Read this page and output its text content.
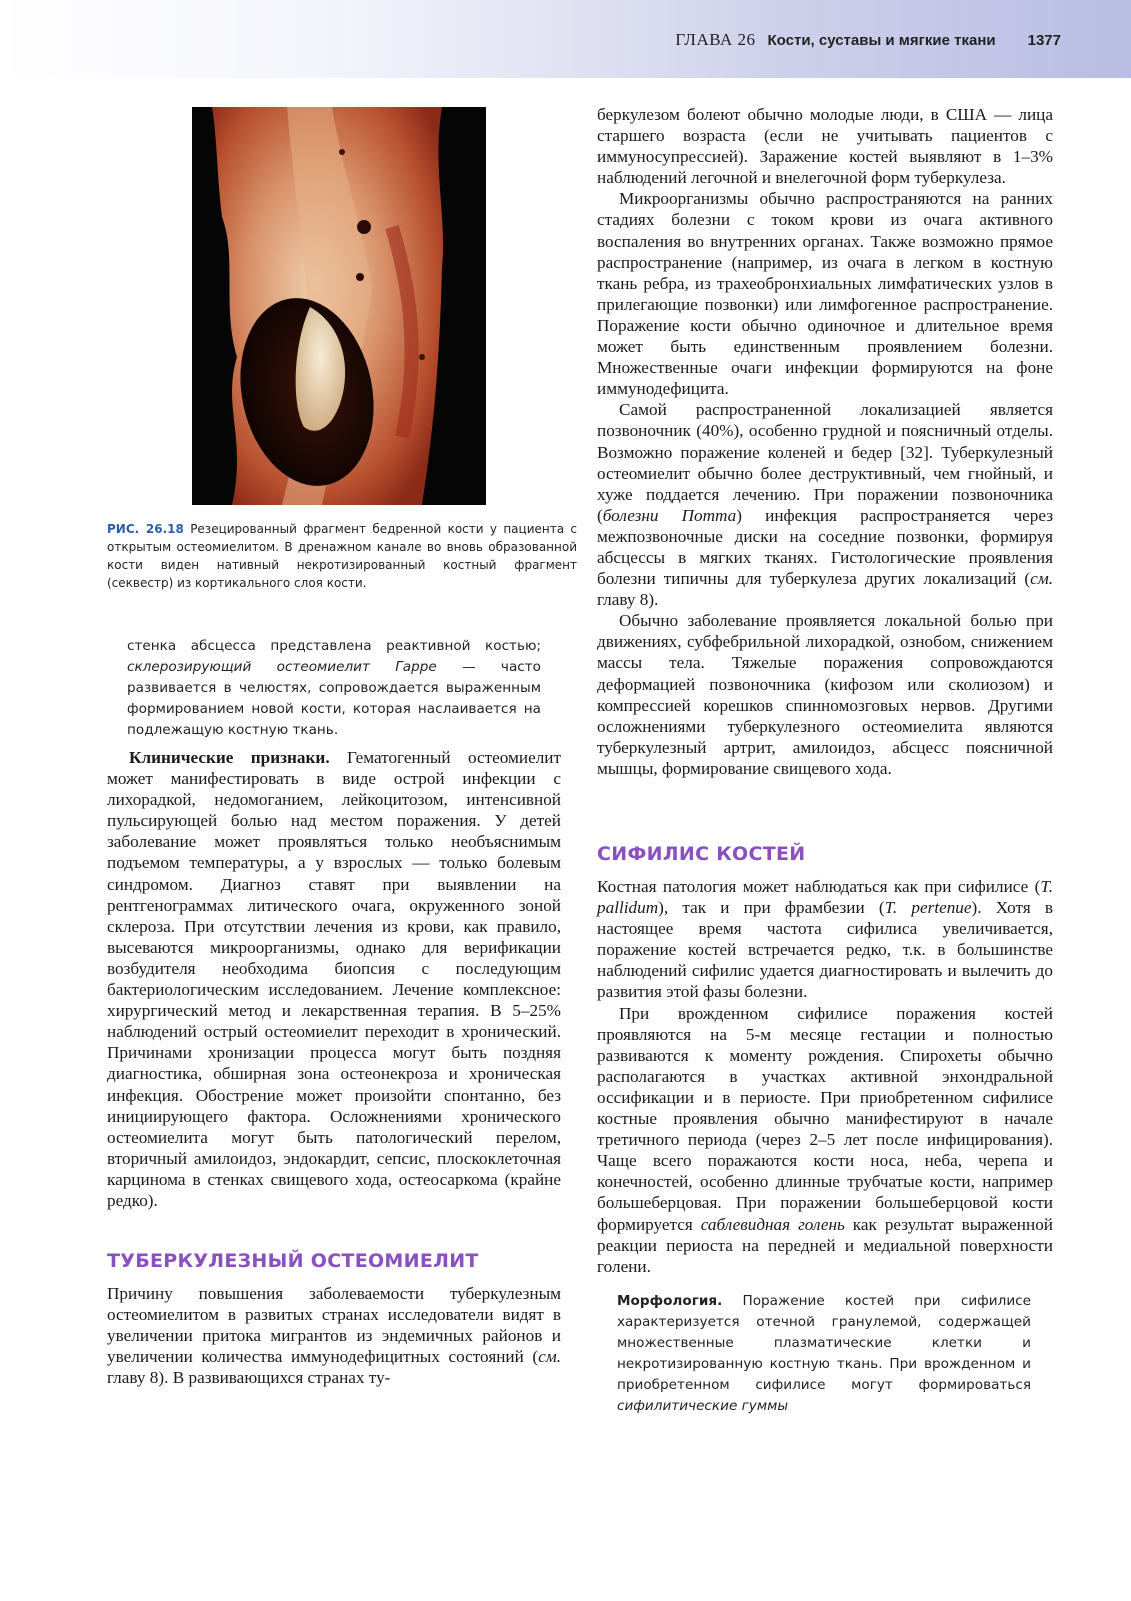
ГЛАВА 26 Кости, суставы и мягкие ткани 1377
РИС. 26.18 Резецированный фрагмент бедренной кости у пациента с открытым остеомиелитом. В дренажном канале во вновь образованной кости виден нативный некротизированный костный фрагмент (секвестр) из кортикального слоя кости.

стенка абсцесса представлена реактивной костью; склерозирующий остеомиелит Гарре — часто развивается в челюстях, сопровождается выраженным формированием новой кости, которая наслаивается на подлежащую костную ткань.

Клинические признаки. Гематогенный остеомиелит может манифестировать в виде острой инфекции с лихорадкой, недомоганием, лейкоцитозом, интенсивной пульсирующей болью над местом поражения. У детей заболевание может проявляться только необъяснимым подъемом температуры, а у взрослых — только болевым синдромом. Диагноз ставят при выявлении на рентгенограммах литического очага, окруженного зоной склероза. При отсутствии лечения из крови, как правило, высеваются микроорганизмы, однако для верификации возбудителя необходима биопсия с последующим бактериологическим исследованием. Лечение комплексное: хирургический метод и лекарственная терапия. В 5–25% наблюдений острый остеомиелит переходит в хронический. Причинами хронизации процесса могут быть поздняя диагностика, обширная зона остеонекроза и хроническая инфекция. Обострение может произойти спонтанно, без инициирующего фактора. Осложнениями хронического остеомиелита могут быть патологический перелом, вторичный амилоидоз, эндокардит, сепсис, плоскоклеточная карцинома в стенках свищевого хода, остеосаркома (крайне редко).

ТУБЕРКУЛЕЗНЫЙ ОСТЕОМИЕЛИТ

Причину повышения заболеваемости туберкулезным остеомиелитом в развитых странах исследователи видят в увеличении притока мигрантов из эндемичных районов и увеличении количества иммунодефицитных состояний (см. главу 8). В развивающихся странах ту-

беркулезом болеют обычно молодые люди, в США — лица старшего возраста (если не учитывать пациентов с иммуносупрессией). Заражение костей выявляют в 1–3% наблюдений легочной и внелегочной форм туберкулеза.

Микроорганизмы обычно распространяются на ранних стадиях болезни с током крови из очага активного воспаления во внутренних органах. Также возможно прямое распространение (например, из очага в легком в костную ткань ребра, из трахеобронхиальных лимфатических узлов в прилегающие позвонки) или лимфогенное распространение. Поражение кости обычно одиночное и длительное время может быть единственным проявлением болезни. Множественные очаги инфекции формируются на фоне иммунодефицита.

Самой распространенной локализацией является позвоночник (40%), особенно грудной и поясничный отделы. Возможно поражение коленей и бедер [32]. Туберкулезный остеомиелит обычно более деструктивный, чем гнойный, и хуже поддается лечению. При поражении позвоночника (болезни Потта) инфекция распространяется через межпозвоночные диски на соседние позвонки, формируя абсцессы в мягких тканях. Гистологические проявления болезни типичны для туберкулеза других локализаций (см. главу 8).

Обычно заболевание проявляется локальной болью при движениях, субфебрильной лихорадкой, ознобом, снижением массы тела. Тяжелые поражения сопровождаются деформацией позвоночника (кифозом или сколиозом) и компрессией корешков спинномозговых нервов. Другими осложнениями туберкулезного остеомиелита являются туберкулезный артрит, амилоидоз, абсцесс поясничной мышцы, формирование свищевого хода.

СИФИЛИС КОСТЕЙ

Костная патология может наблюдаться как при сифилисе (T. pallidum), так и при фрамбезии (T. pertenue). Хотя в настоящее время частота сифилиса увеличивается, поражение костей встречается редко, т.к. в большинстве наблюдений сифилис удается диагностировать и вылечить до развития этой фазы болезни.

При врожденном сифилисе поражения костей проявляются на 5-м месяце гестации и полностью развиваются к моменту рождения. Спирохеты обычно располагаются в участках активной энхондральной оссификации и в периосте. При приобретенном сифилисе костные проявления обычно манифестируют в начале третичного периода (через 2–5 лет после инфицирования). Чаще всего поражаются кости носа, неба, черепа и конечностей, особенно длинные трубчатые кости, например большеберцовая. При поражении большеберцовой кости формируется саблевидная голень как результат выраженной реакции периоста на передней и медиальной поверхности голени.

Морфология. Поражение костей при сифилисе характеризуется отечной гранулемой, содержащей множественные плазматические клетки и некротизированную костную ткань. При врожденном и приобретенном сифилисе могут формироваться сифилитические гуммы
